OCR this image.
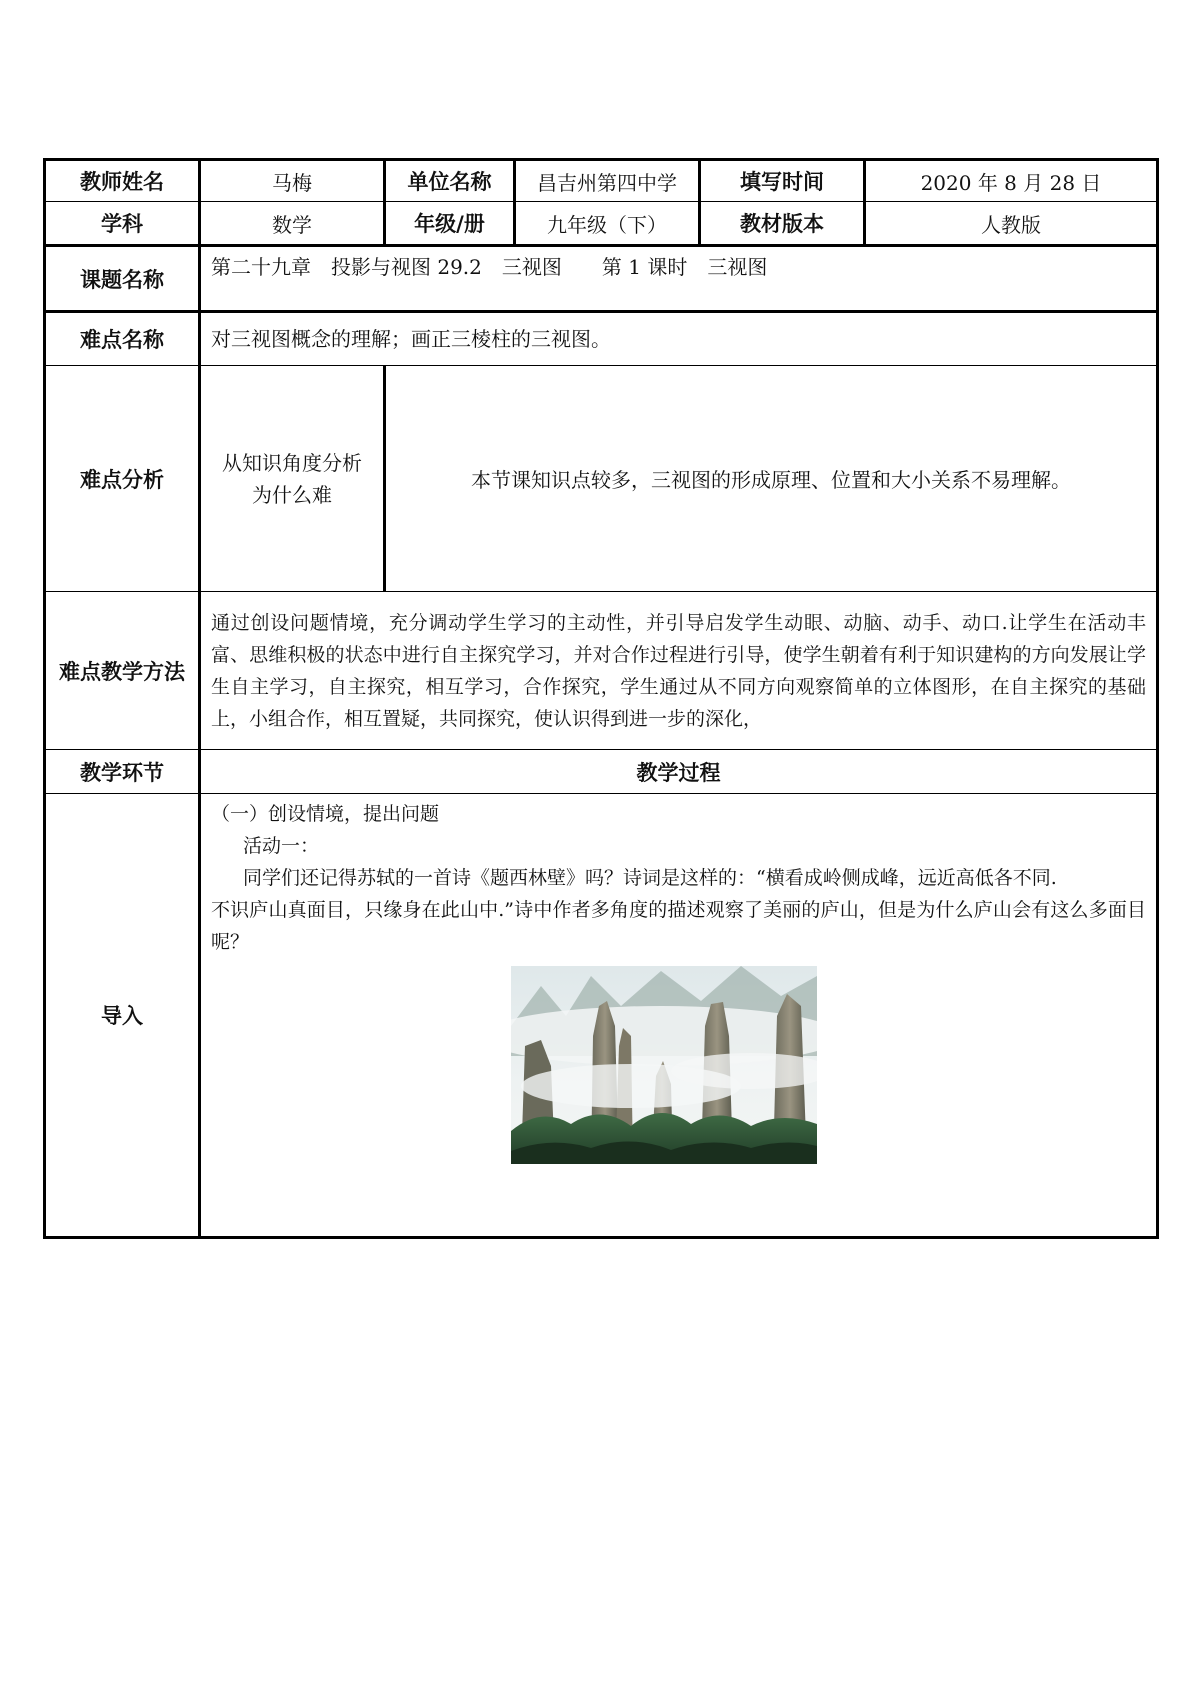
教师姓名	马梅	单位名称	昌吉州第四中学	填写时间	2020 年 8 月 28 日
学科	数学	年级/册	九年级（下）	教材版本	人教版
课题名称	第二十九章　投影与视图 29.2　三视图　　第 1 课时　三视图				
难点名称	对三视图概念的理解；画正三棱柱的三视图。				
难点分析	从知识角度分析为什么难	本节课知识点较多，三视图的形成原理、位置和大小关系不易理解。			
难点教学方法	通过创设问题情境，充分调动学生学习的主动性，并引导启发学生动眼、动脑、动手、动口.让学生在活动丰富、思维积极的状态中进行自主探究学习，并对合作过程进行引导，使学生朝着有利于知识建构的方向发展让学生自主学习，自主探究，相互学习，合作探究，学生通过从不同方向观察简单的立体图形，在自主探究的基础上，小组合作，相互置疑，共同探究，使认识得到进一步的深化，				

教学环节	教学过程				
导入	（一）创设情境，提出问题

活动一：

同学们还记得苏轼的一首诗《题西林壁》吗？诗词是这样的：“横看成岭侧成峰，远近高低各不同.

不识庐山真面目，只缘身在此山中.”诗中作者多角度的描述观察了美丽的庐山，但是为什么庐山会有这么多面目呢？				
